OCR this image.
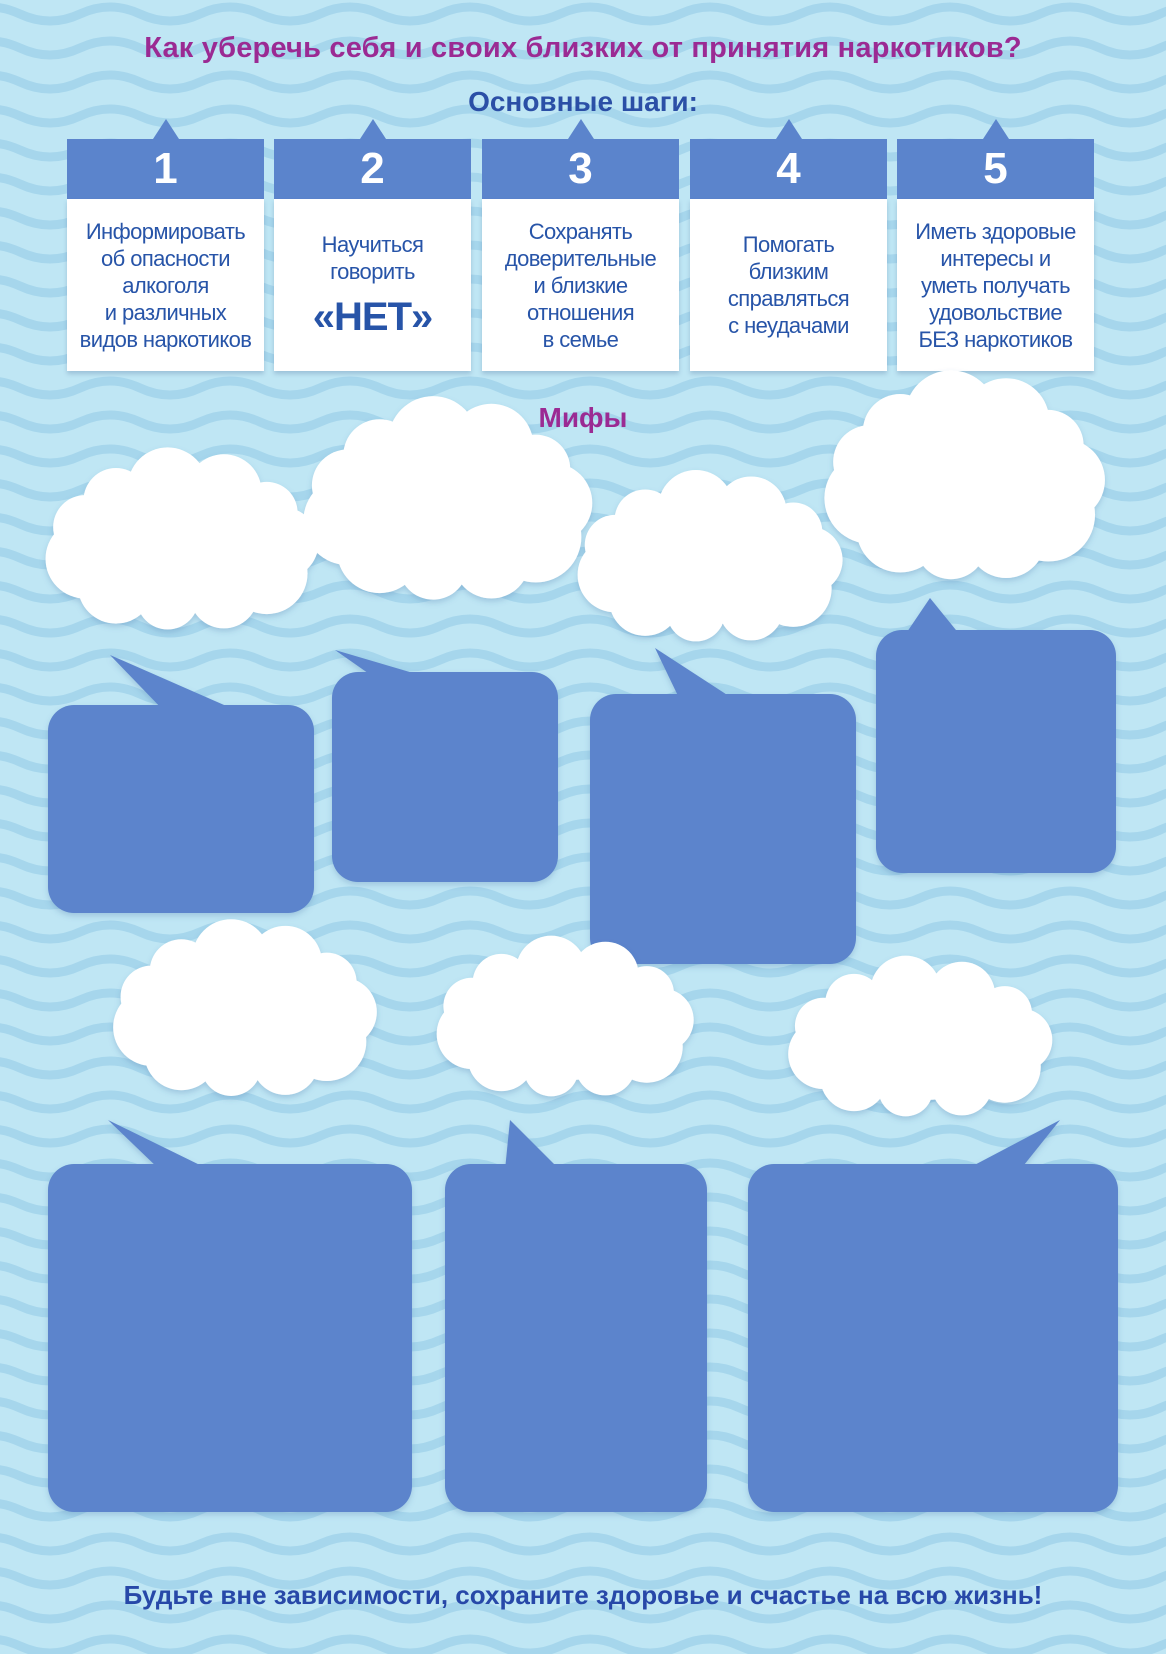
Как уберечь себя и своих близких от принятия наркотиков?
Основные шаги:
1
Информировать
об опасности
алкоголя
и различных
видов наркотиков
2
Научиться
говорить
«НЕТ»
3
Сохранять
доверительные
и близкие
отношения
в семье
4
Помогать
близким
справляться
с неудачами
5
Иметь здоровые
интересы и
уметь получать
удовольствие
БЕЗ наркотиков
Мифы
Будьте вне зависимости, сохраните здоровье и счастье на всю жизнь!
